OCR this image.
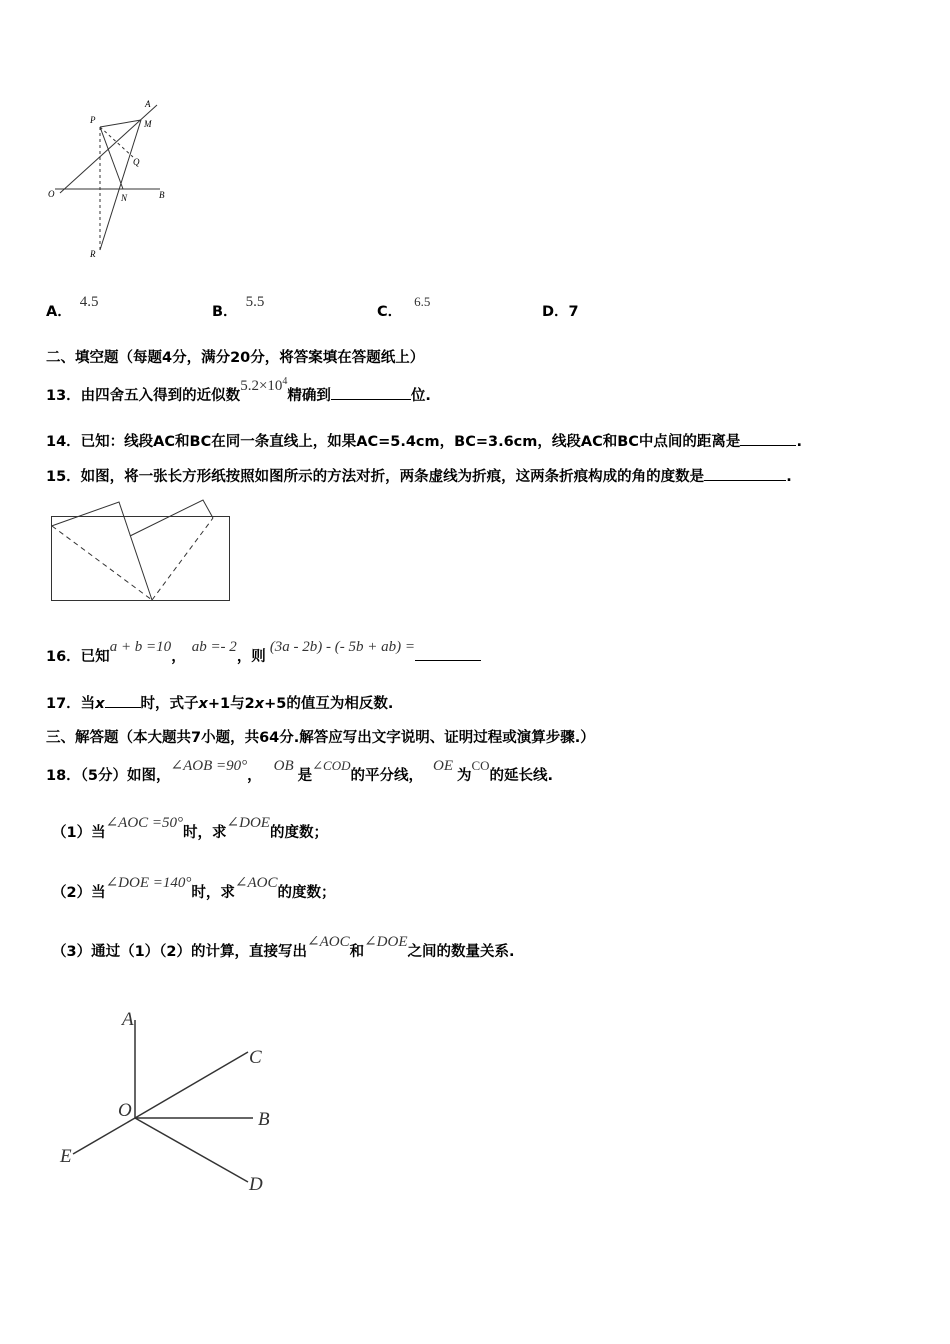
A
M
P
Q
O	N	B
R
A．4.5
B．5.5
C．6.5
D．7
二、填空题（每题4分，满分20分，将答案填在答题纸上）
13．由四舍五入得到的近似数$5.2\times 10^4$精确到	位.
14．已知：线段AC和BC在同一条直线上，如果AC=5.4cm，BC=3.6cm，线段AC和BC中点间的距离是	.
15．如图，将一张长方形纸按照如图所示的方法对折，两条虚线为折痕，这两条折痕构成的角的度数是	.
16．已知a + b =10，ab =- 2，则(3a - 2b) - (- 5b + ab) =
17．当x 时，式子x+1与2x+5的值互为相反数.
三、解答题（本大题共7小题，共64分.解答应写出文字说明、证明过程或演算步骤.）
18．（5分）如图，∠AOB =90°，OB是∠COD的平分线，OE为CO的延长线.
（1）当∠AOC =50°时，求∠DOE的度数；
（2）当∠DOE =140°时，求∠AOC的度数；
（3）通过（1）（2）的计算，直接写出∠AOC和∠DOE之间的数量关系.
A
C
O	B
E
D
